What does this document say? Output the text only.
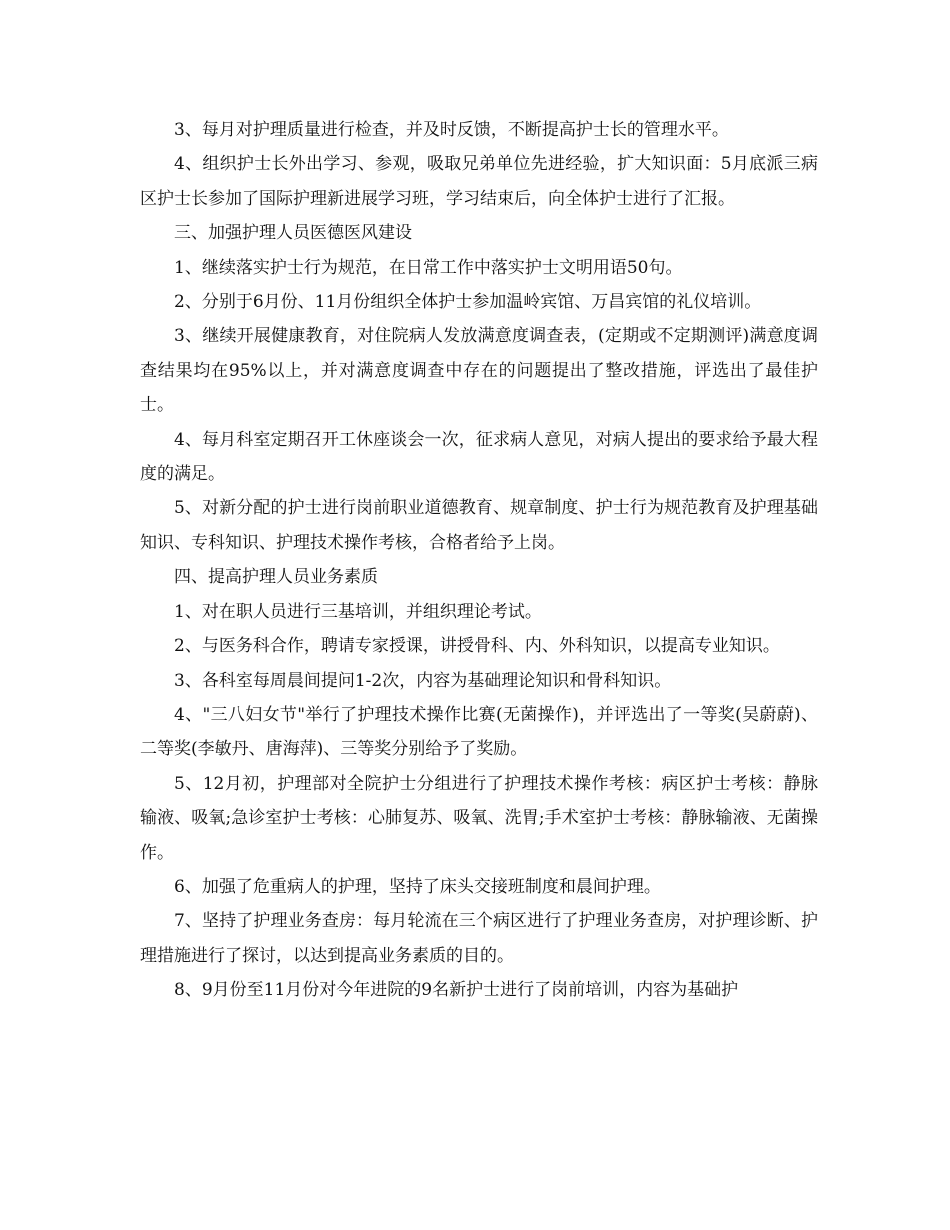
3、每月对护理质量进行检查，并及时反馈，不断提高护士长的管理水平。

4、组织护士长外出学习、参观，吸取兄弟单位先进经验，扩大知识面：5月底派三病区护士长参加了国际护理新进展学习班，学习结束后，向全体护士进行了汇报。

三、加强护理人员医德医风建设

1、继续落实护士行为规范，在日常工作中落实护士文明用语50句。

2、分别于6月份、11月份组织全体护士参加温岭宾馆、万昌宾馆的礼仪培训。

3、继续开展健康教育，对住院病人发放满意度调查表，(定期或不定期测评)满意度调查结果均在95%以上，并对满意度调查中存在的问题提出了整改措施，评选出了最佳护士。

4、每月科室定期召开工休座谈会一次，征求病人意见，对病人提出的要求给予最大程度的满足。

5、对新分配的护士进行岗前职业道德教育、规章制度、护士行为规范教育及护理基础知识、专科知识、护理技术操作考核，合格者给予上岗。

四、提高护理人员业务素质

1、对在职人员进行三基培训，并组织理论考试。

2、与医务科合作，聘请专家授课，讲授骨科、内、外科知识，以提高专业知识。

3、各科室每周晨间提问1-2次，内容为基础理论知识和骨科知识。

4、"三八妇女节"举行了护理技术操作比赛(无菌操作)，并评选出了一等奖(吴蔚蔚)、二等奖(李敏丹、唐海萍)、三等奖分别给予了奖励。

5、12月初，护理部对全院护士分组进行了护理技术操作考核：病区护士考核：静脉输液、吸氧;急诊室护士考核：心肺复苏、吸氧、洗胃;手术室护士考核：静脉输液、无菌操作。

6、加强了危重病人的护理，坚持了床头交接班制度和晨间护理。

7、坚持了护理业务查房：每月轮流在三个病区进行了护理业务查房，对护理诊断、护理措施进行了探讨，以达到提高业务素质的目的。

8、9月份至11月份对今年进院的9名新护士进行了岗前培训，内容为基础护
